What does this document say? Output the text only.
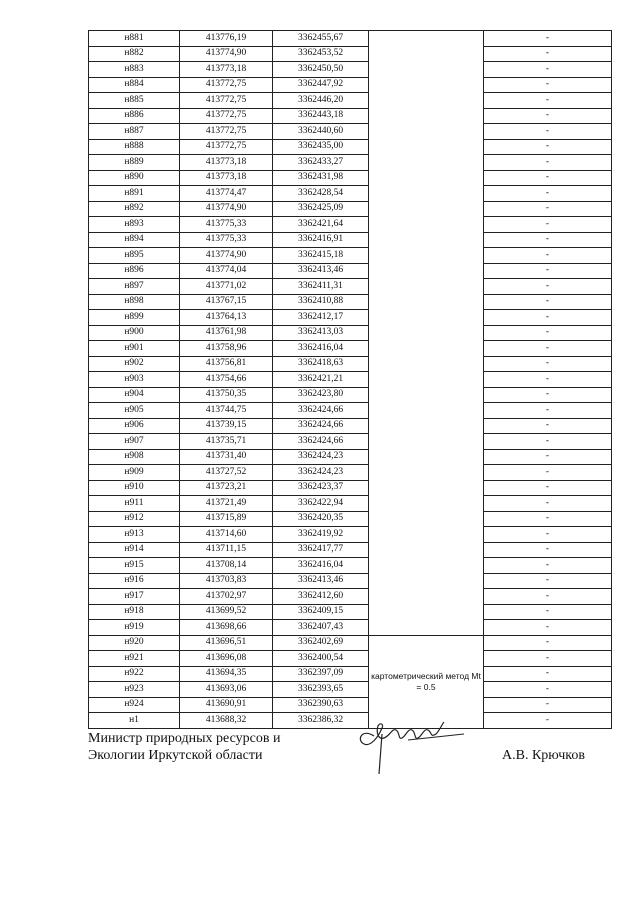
н881	413776,19	3362455,67		-
н882	413774,90	3362453,52		-
н883	413773,18	3362450,50		-
н884	413772,75	3362447,92		-
н885	413772,75	3362446,20		-
н886	413772,75	3362443,18		-
н887	413772,75	3362440,60		-
н888	413772,75	3362435,00		-
н889	413773,18	3362433,27		-
н890	413773,18	3362431,98		-
н891	413774,47	3362428,54		-
н892	413774,90	3362425,09		-
н893	413775,33	3362421,64		-
н894	413775,33	3362416,91		-
н895	413774,90	3362415,18		-
н896	413774,04	3362413,46		-
н897	413771,02	3362411,31		-
н898	413767,15	3362410,88		-
н899	413764,13	3362412,17		-
н900	413761,98	3362413,03		-
н901	413758,96	3362416,04		-
н902	413756,81	3362418,63		-
н903	413754,66	3362421,21		-
н904	413750,35	3362423,80		-
н905	413744,75	3362424,66		-
н906	413739,15	3362424,66		-
н907	413735,71	3362424,66		-
н908	413731,40	3362424,23		-
н909	413727,52	3362424,23		-
н910	413723,21	3362423,37		-
н911	413721,49	3362422,94		-
н912	413715,89	3362420,35		-
н913	413714,60	3362419,92		-
н914	413711,15	3362417,77		-
н915	413708,14	3362416,04		-
н916	413703,83	3362413,46		-
н917	413702,97	3362412,60		-
н918	413699,52	3362409,15		-
н919	413698,66	3362407,43		-
н920	413696,51	3362402,69	картометрический метод Mt = 0.5	-
н921	413696,08	3362400,54		-
н922	413694,35	3362397,09		-
н923	413693,06	3362393,65		-
н924	413690,91	3362390,63		-
н1	413688,32	3362386,32		-
Министр природных ресурсов и
Экологии Иркутской области	А.В. Крючков
